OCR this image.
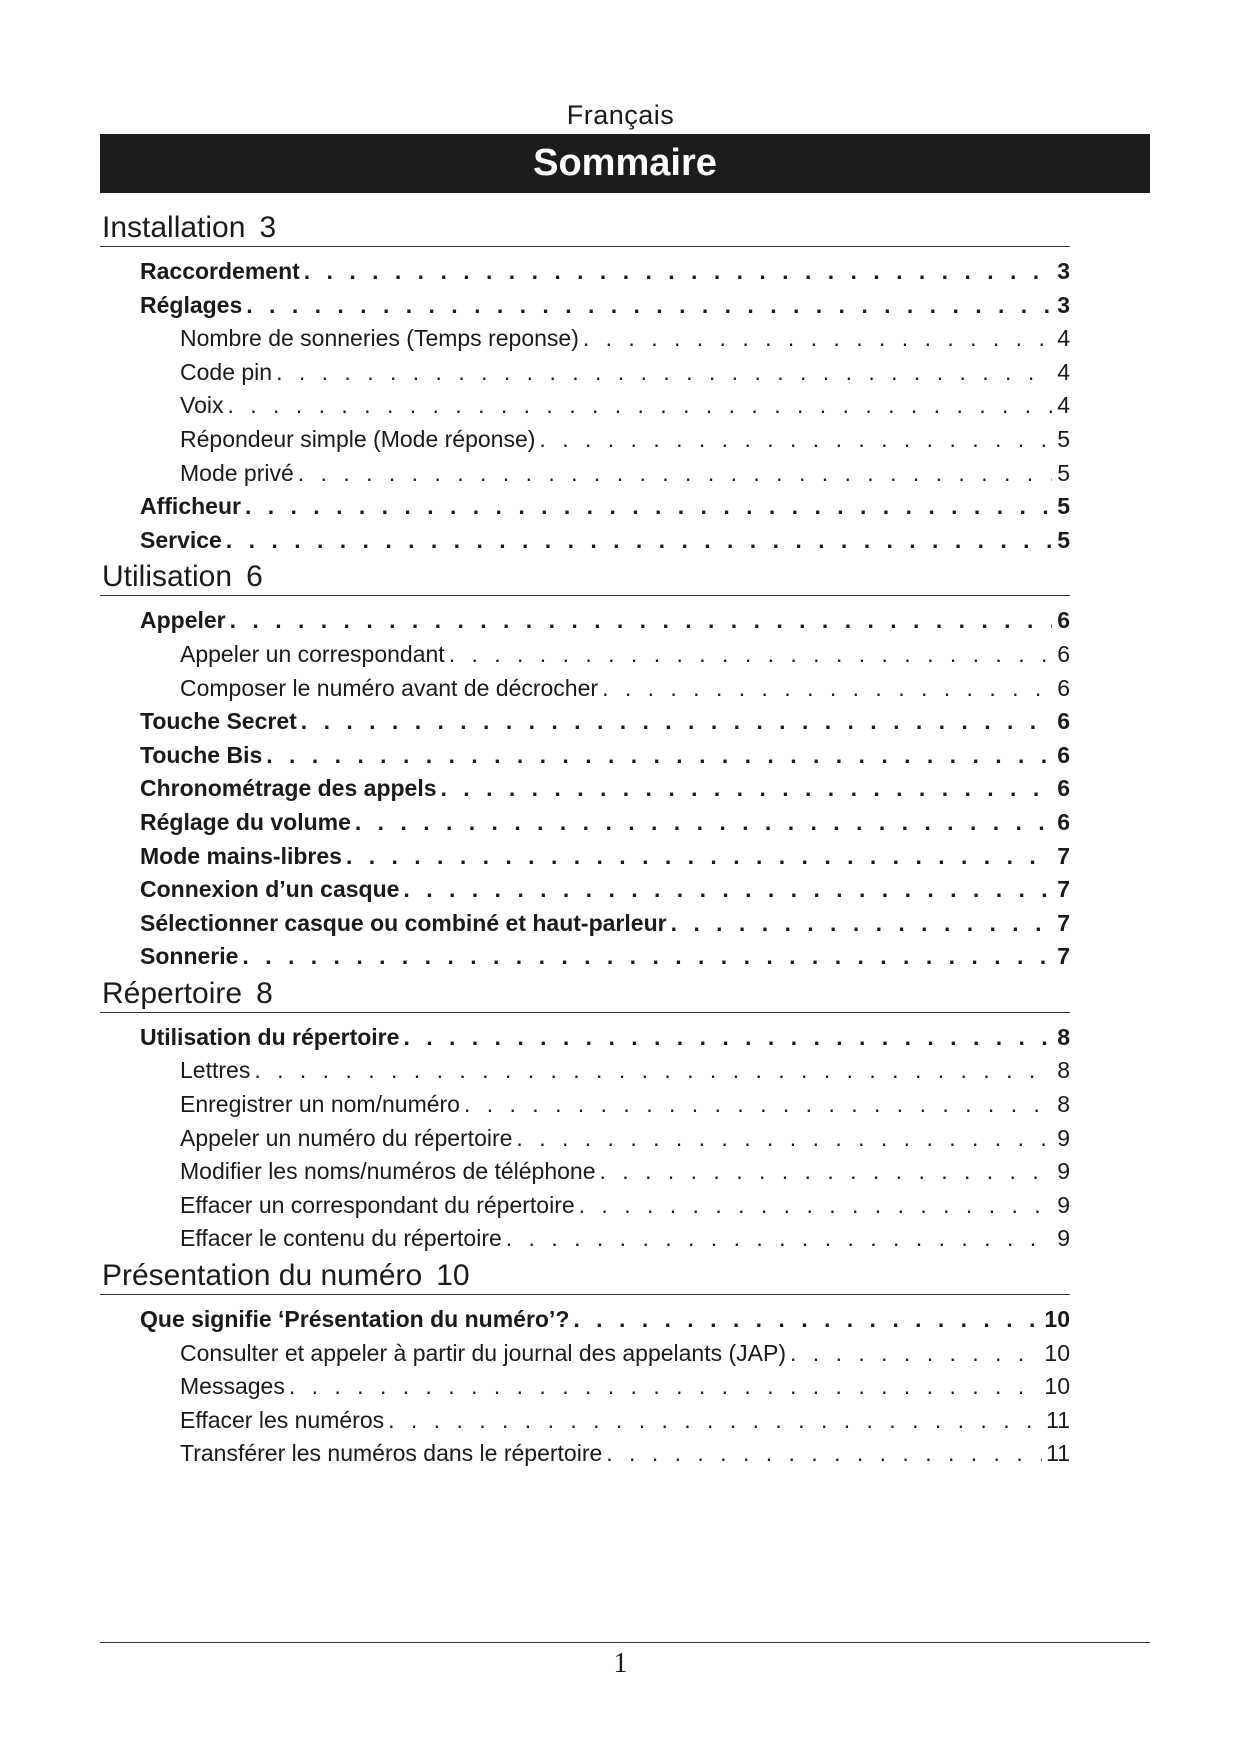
Français
Sommaire
Installation 3
Raccordement . . .	3
Réglages . . .	3
Nombre de sonneries (Temps reponse) . . .	4
Code pin . . .	4
Voix . . .	4
Répondeur simple (Mode réponse) . . .	5
Mode privé . . .	5
Afficheur . . .	5
Service . . .	5
Utilisation 6
Appeler . . .	6
Appeler un correspondant . . .	6
Composer le numéro avant de décrocher . . .	6
Touche Secret . . .	6
Touche Bis . . .	6
Chronométrage des appels . . .	6
Réglage du volume . . .	6
Mode mains-libres . . .	7
Connexion d’un casque . . .	7
Sélectionner casque ou combiné et haut-parleur . . .	7
Sonnerie . . .	7
Répertoire 8
Utilisation du répertoire . . .	8
Lettres . . .	8
Enregistrer un nom/numéro . . .	8
Appeler un numéro du répertoire . . .	9
Modifier les noms/numéros de téléphone . . .	9
Effacer un correspondant du répertoire . . .	9
Effacer le contenu du répertoire . . .	9
Présentation du numéro 10
Que signifie ‘Présentation du numéro’? . . .	10
Consulter et appeler à partir du journal des appelants (JAP) . . .	10
Messages . . .	10
Effacer les numéros . . .	11
Transférer les numéros dans le répertoire . . .	11
1
